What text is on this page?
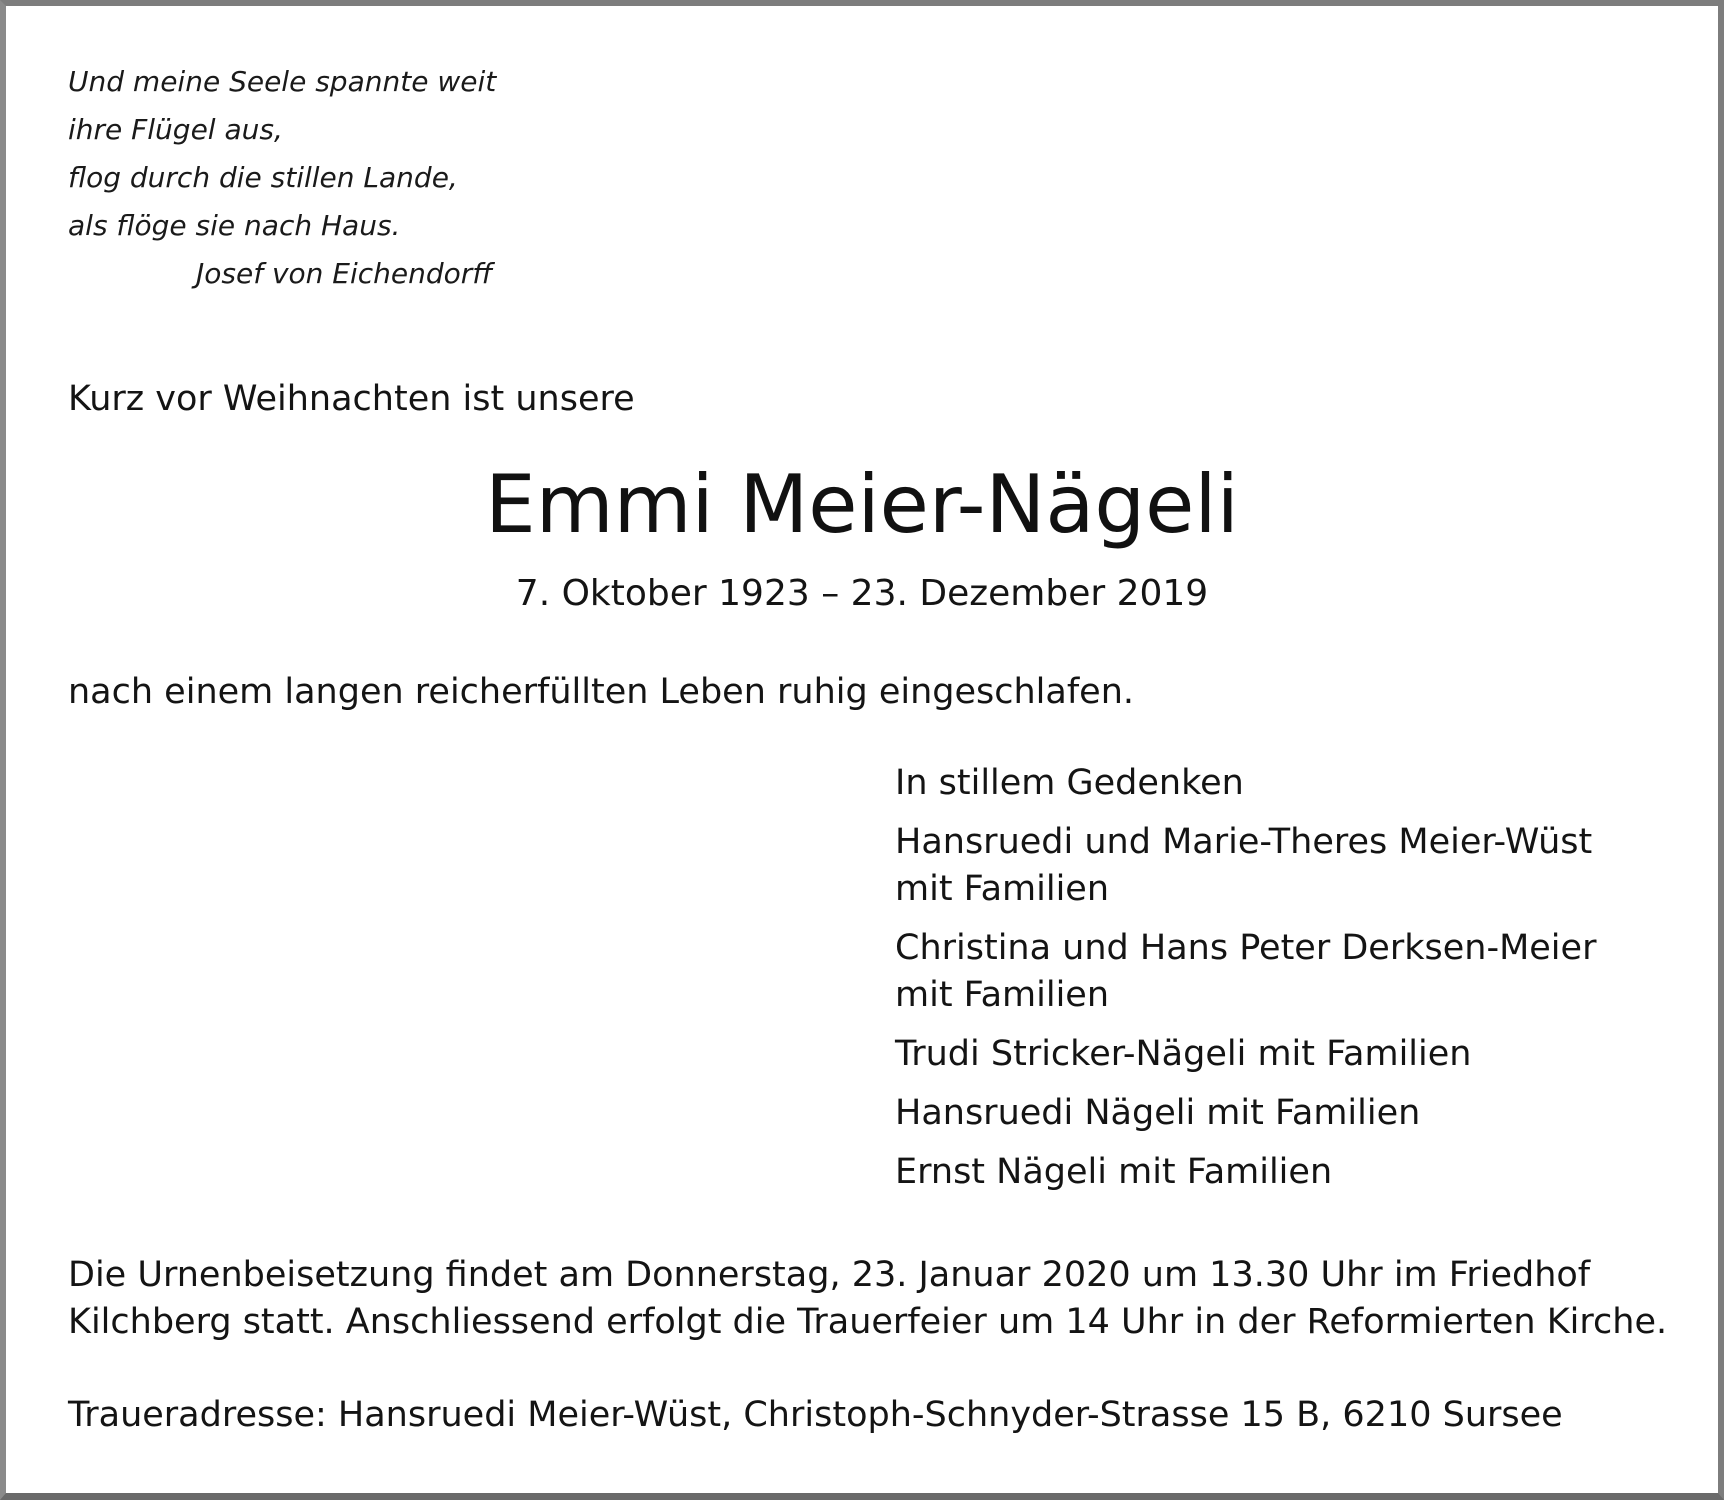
Und meine Seele spannte weit
ihre Flügel aus,
flog durch die stillen Lande,
als flöge sie nach Haus.
Josef von Eichendorff
Kurz vor Weihnachten ist unsere
Emmi Meier-Nägeli
7. Oktober 1923 – 23. Dezember 2019
nach einem langen reicherfüllten Leben ruhig eingeschlafen.
In stillem Gedenken
Hansruedi und Marie-Theres Meier-Wüst
mit Familien
Christina und Hans Peter Derksen-Meier
mit Familien
Trudi Stricker-Nägeli mit Familien
Hansruedi Nägeli mit Familien
Ernst Nägeli mit Familien
Die Urnenbeisetzung findet am Donnerstag, 23. Januar 2020 um 13.30 Uhr im Friedhof
Kilchberg statt. Anschliessend erfolgt die Trauerfeier um 14 Uhr in der Reformierten Kirche.
Traueradresse: Hansruedi Meier-Wüst, Christoph-Schnyder-Strasse 15 B, 6210 Sursee
